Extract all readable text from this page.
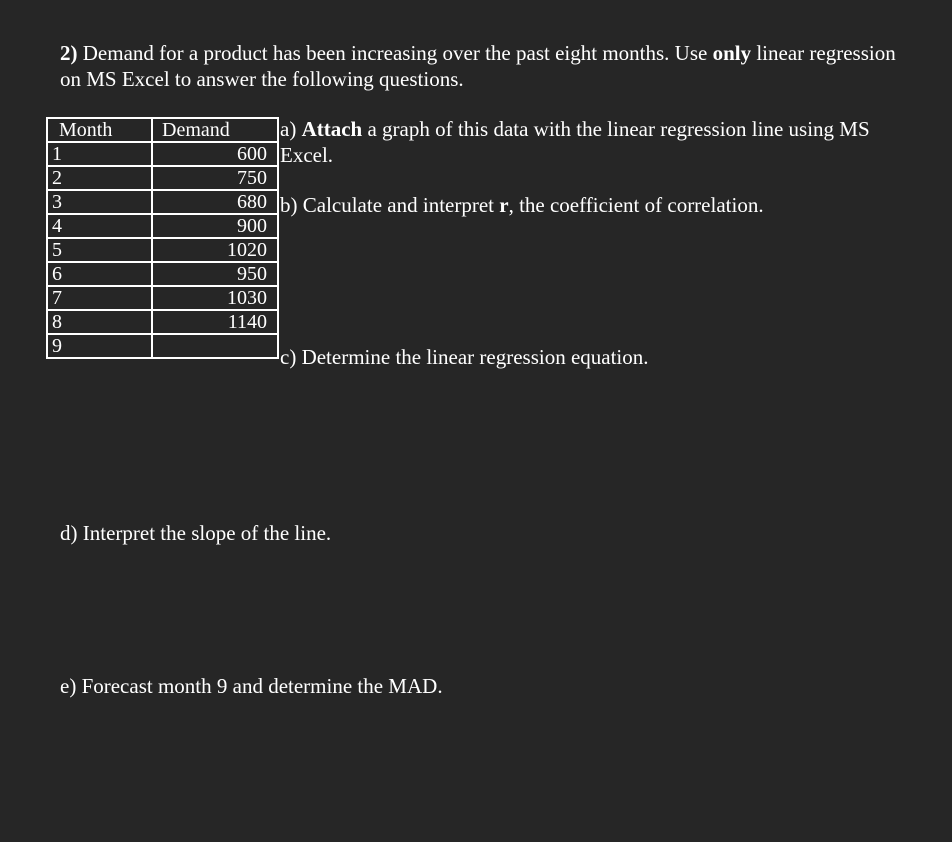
2) Demand for a product has been increasing over the past eight months. Use only linear regression on MS Excel to answer the following questions.
Month	Demand
1	600
2	750
3	680
4	900
5	1020
6	950
7	1030
8	1140
9	
a) Attach a graph of this data with the linear regression line using MS Excel.
b) Calculate and interpret r, the coefficient of correlation.
c) Determine the linear regression equation.
d) Interpret the slope of the line.
e) Forecast month 9 and determine the MAD.
